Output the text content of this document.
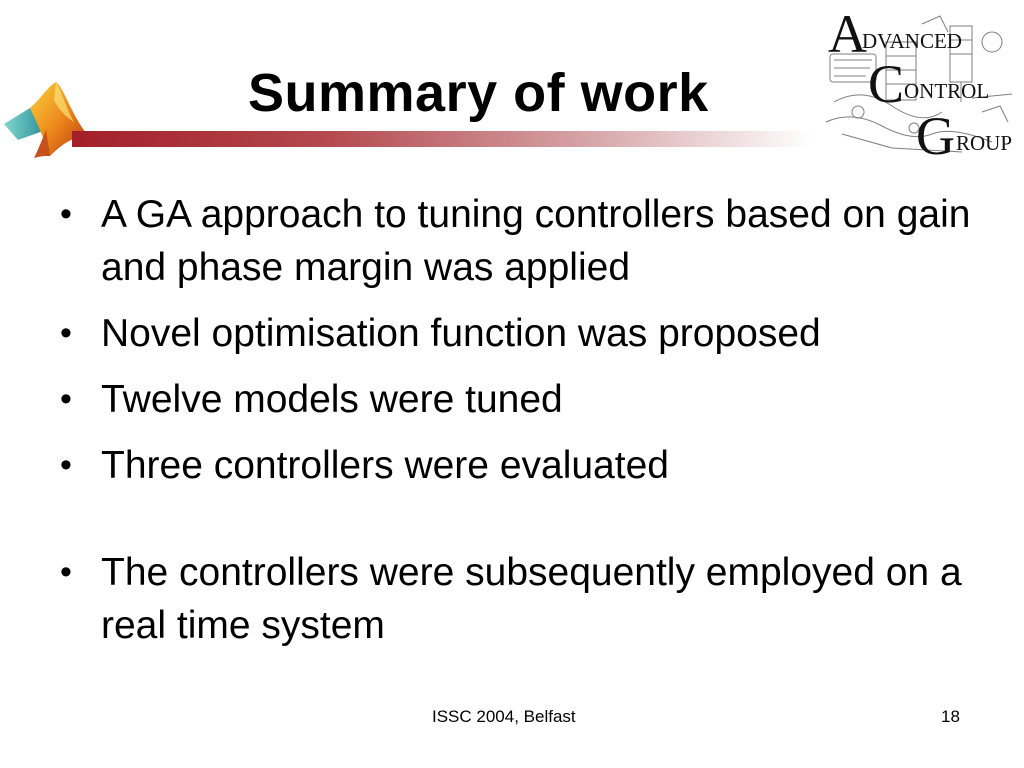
Summary of work
A
DVANCED
C ONTROL
G ROUP
• A GA approach to tuning controllers based on gain and phase margin was applied
• Novel optimisation function was proposed
• Twelve models were tuned
• Three controllers were evaluated
• The controllers were subsequently employed on a real time system
ISSC 2004, Belfast	18
